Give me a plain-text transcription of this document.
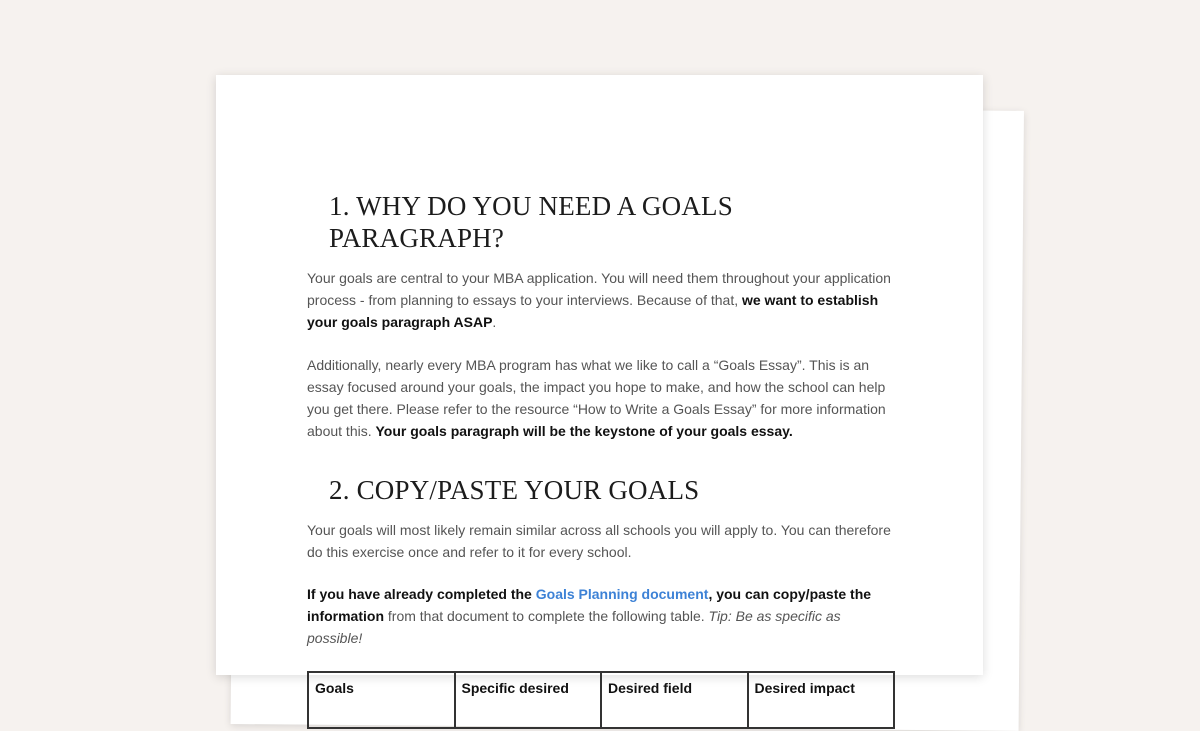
1. WHY DO YOU NEED A GOALS PARAGRAPH?

Your goals are central to your MBA application. You will need them throughout your application process - from planning to essays to your interviews. Because of that, we want to establish your goals paragraph ASAP.

Additionally, nearly every MBA program has what we like to call a “Goals Essay”. This is an essay focused around your goals, the impact you hope to make, and how the school can help you get there. Please refer to the resource “How to Write a Goals Essay” for more information about this. Your goals paragraph will be the keystone of your goals essay.

2. COPY/PASTE YOUR GOALS

Your goals will most likely remain similar across all schools you will apply to. You can therefore do this exercise once and refer to it for every school.

If you have already completed the Goals Planning document, you can copy/paste the information from that document to complete the following table. Tip: Be as specific as possible!

Goals	Specific desired	Desired field	Desired impact
